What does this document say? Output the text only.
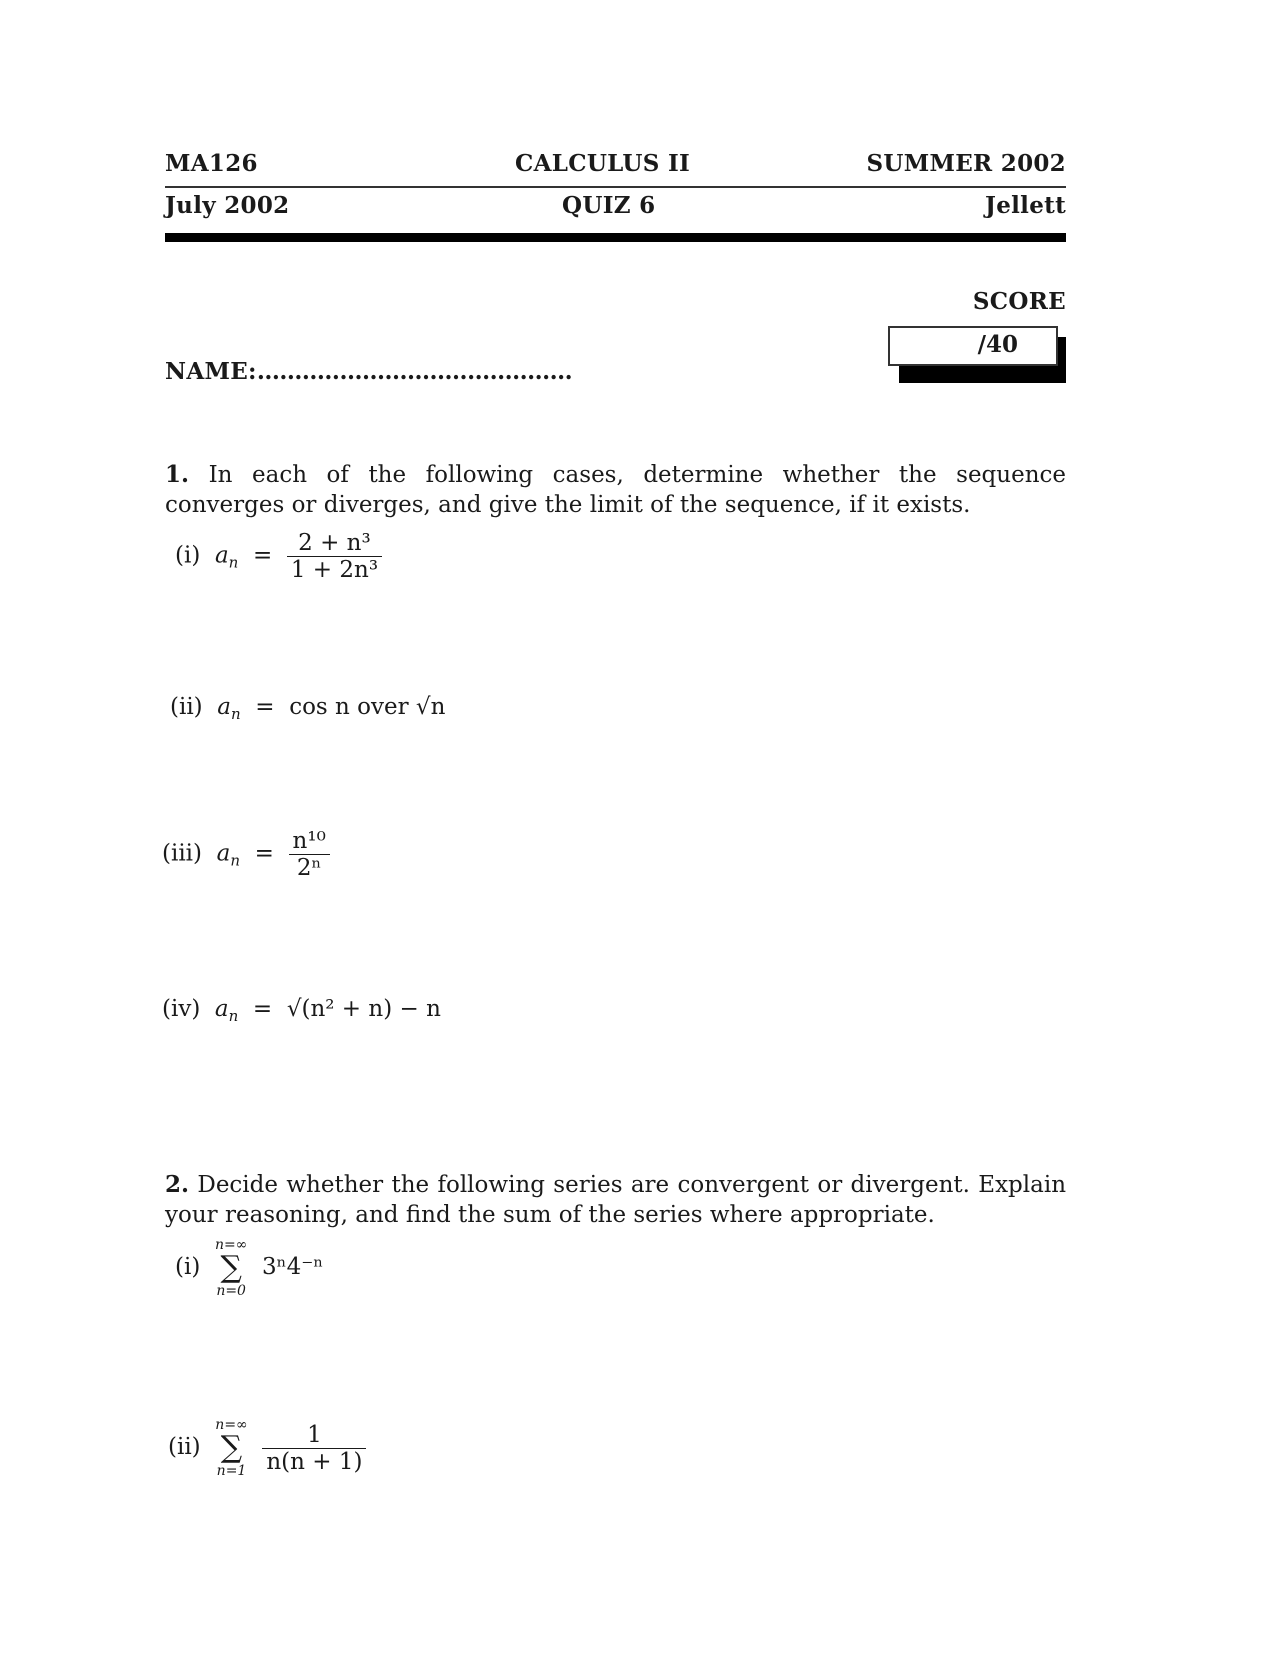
MA126	CALCULUS II	SUMMER 2002
July 2002	QUIZ 6	Jellett
SCORE
/40
NAME:..........................................
1. In each of the following cases, determine whether the sequence converges or diverges, and give the limit of the sequence, if it exists.
(i) $a_n = \frac{\text{2 + n³}}{\text{1 + 2n³}}$
(ii) $a_n = \cos n$ over √n
(iii) $a_n = \frac{\text{n¹⁰}}{\text{2ⁿ}}$
(iv) $a_n = √(n^2 + n) - n$
2. Decide whether the following series are convergent or divergent. Explain your reasoning, and find the sum of the series where appropriate.
(i)
n=∞
∑
n=0
3ⁿ4⁻ⁿ
(ii)
n=∞
∑
n=1
$\frac{1}{n(n + 1)}$
